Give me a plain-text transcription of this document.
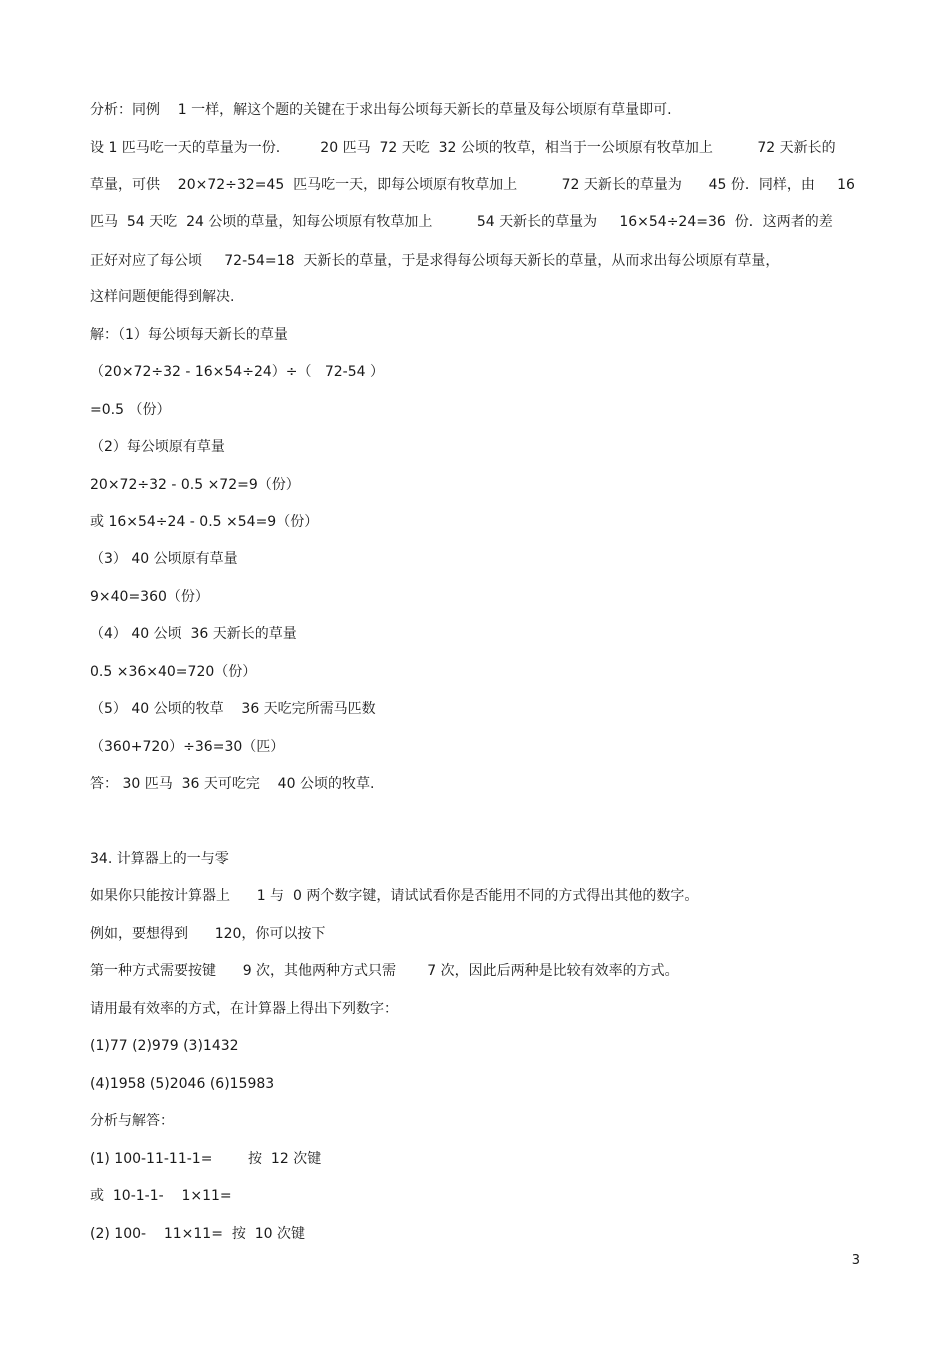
分析：同例    1 一样，解这个题的关键在于求出每公顷每天新长的草量及每公顷原有草量即可.
设 1 匹马吃一天的草量为一份.         20 匹马  72 天吃  32 公顷的牧草，相当于一公顷原有牧草加上          72 天新长的
草量，可供    20×72÷32=45  匹马吃一天，即每公顷原有牧草加上          72 天新长的草量为      45 份．同样，由     16
匹马  54 天吃  24 公顷的草量，知每公顷原有牧草加上          54 天新长的草量为     16×54÷24=36  份．这两者的差
正好对应了每公顷     72-54=18  天新长的草量，于是求得每公顷每天新长的草量，从而求出每公顷原有草量，
这样问题便能得到解决.
解：（1）每公顷每天新长的草量
（20×72÷32 - 16×54÷24）÷（   72-54 ）
=0.5 （份）
（2）每公顷原有草量
20×72÷32 - 0.5 ×72=9（份）
或 16×54÷24 - 0.5 ×54=9（份）
（3） 40 公顷原有草量
9×40=360（份）
（4） 40 公顷  36 天新长的草量
0.5 ×36×40=720（份）
（5） 40 公顷的牧草    36 天吃完所需马匹数
（360+720）÷36=30（匹）
答： 30 匹马  36 天可吃完    40 公顷的牧草.
34. 计算器上的一与零
如果你只能按计算器上      1 与  0 两个数字键，请试试看你是否能用不同的方式得出其他的数字。
例如，要想得到      120，你可以按下
第一种方式需要按键      9 次，其他两种方式只需       7 次，因此后两种是比较有效率的方式。
请用最有效率的方式，在计算器上得出下列数字：
(1)77 (2)979 (3)1432
(4)1958 (5)2046 (6)15983
分析与解答：
(1) 100-11-11-1=        按  12 次键
或  10-1-1-    1×11=
(2) 100-    11×11=  按  10 次键
3
